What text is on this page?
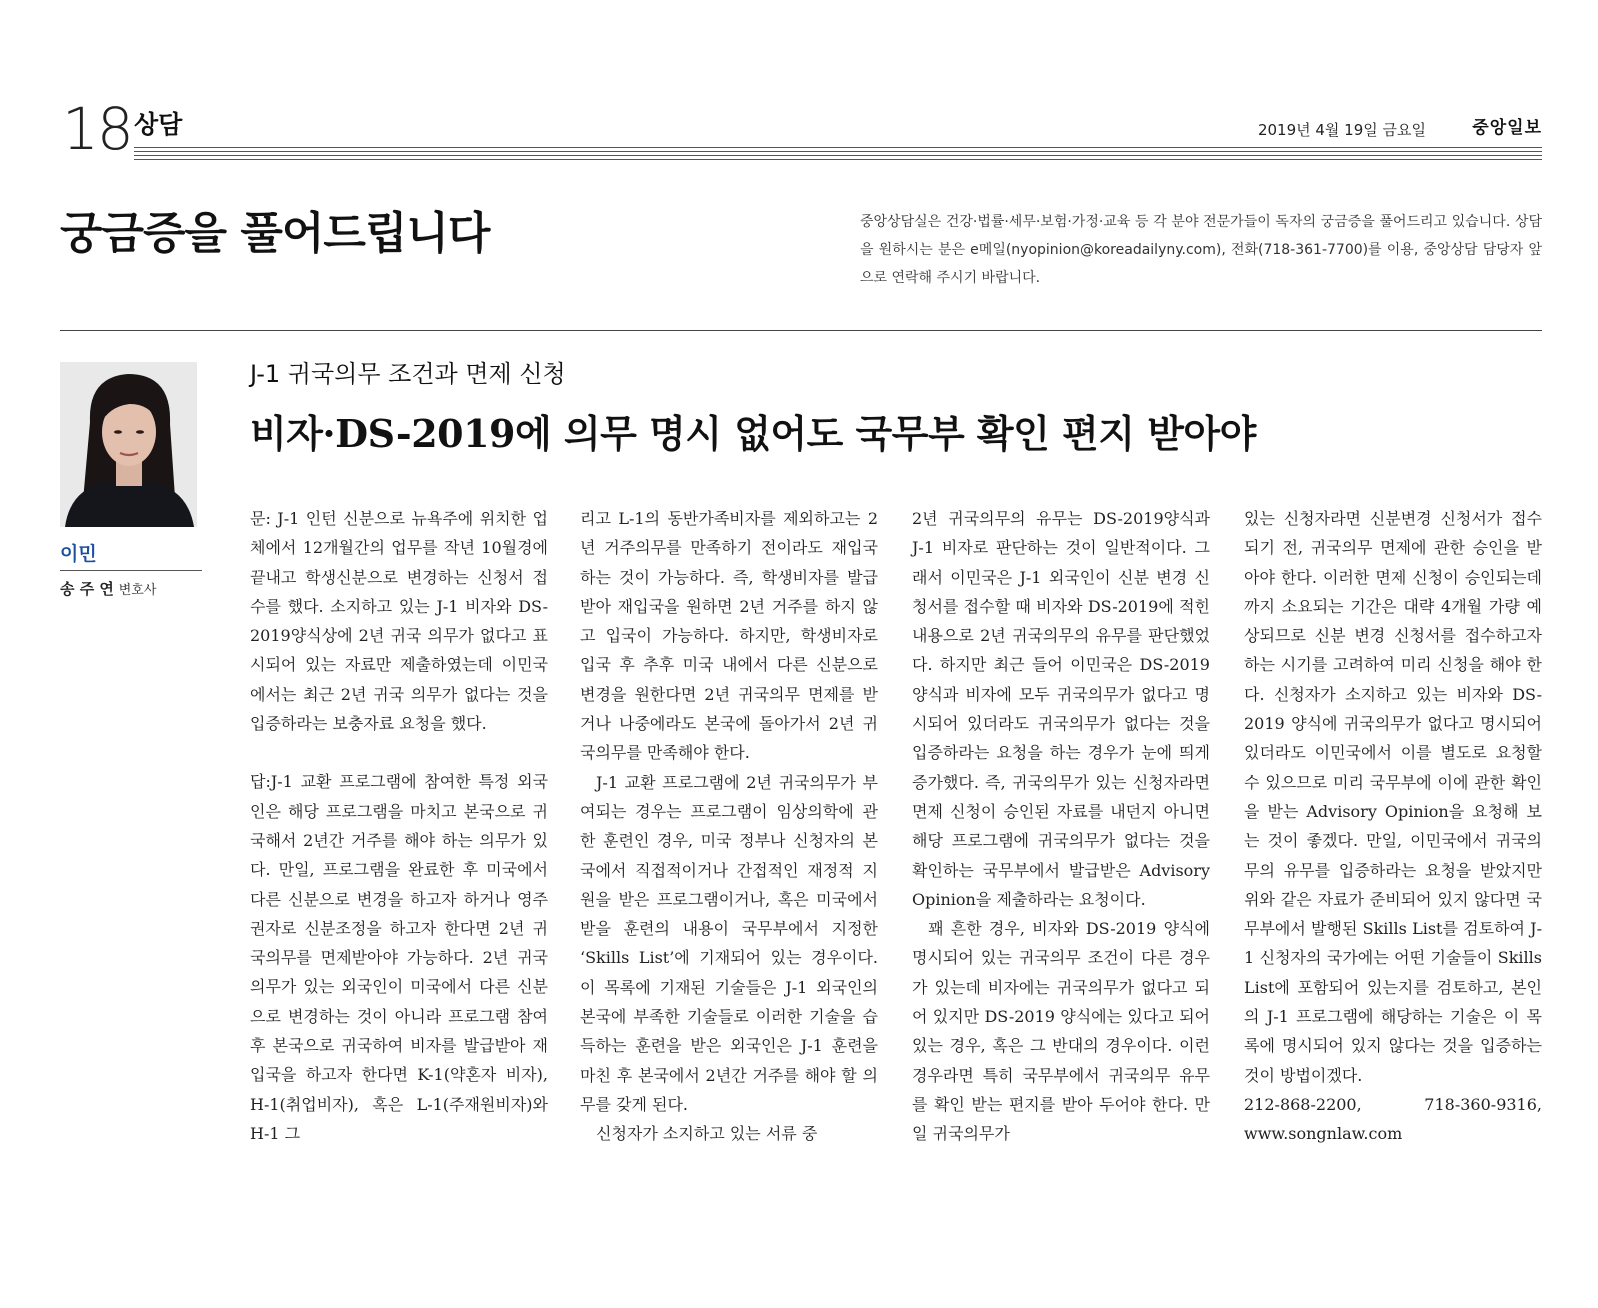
18 상담	2019년 4월 19일 금요일	중앙일보
궁금증을 풀어드립니다	중앙상담실은 건강·법률·세무·보험·가정·교육 등 각 분야 전문가들이 독자의 궁금증을 풀어드리고 있습니다. 상담을 원하시는 분은 e메일(nyopinion@koreadailyny.com), 전화(718-361-7700)를 이용, 중앙상담 담당자 앞으로 연락해 주시기 바랍니다.
이민
송 주 연 변호사
J-1 귀국의무 조건과 면제 신청
비자·DS-2019에 의무 명시 없어도 국무부 확인 편지 받아야

문: J-1 인턴 신분으로 뉴욕주에 위치한 업체에서 12개월간의 업무를 작년 10월경에 끝내고 학생신분으로 변경하는 신청서 접수를 했다. 소지하고 있는 J-1 비자와 DS-2019양식상에 2년 귀국 의무가 없다고 표시되어 있는 자료만 제출하였는데 이민국에서는 최근 2년 귀국 의무가 없다는 것을 입증하라는 보충자료 요청을 했다.

답:J-1 교환 프로그램에 참여한 특정 외국인은 해당 프로그램을 마치고 본국으로 귀국해서 2년간 거주를 해야 하는 의무가 있다. 만일, 프로그램을 완료한 후 미국에서 다른 신분으로 변경을 하고자 하거나 영주권자로 신분조정을 하고자 한다면 2년 귀국의무를 면제받아야 가능하다. 2년 귀국의무가 있는 외국인이 미국에서 다른 신분으로 변경하는 것이 아니라 프로그램 참여 후 본국으로 귀국하여 비자를 발급받아 재입국을 하고자 한다면 K-1(약혼자 비자), H-1(취업비자), 혹은 L-1(주재원비자)와 H-1 그

리고 L-1의 동반가족비자를 제외하고는 2년 거주의무를 만족하기 전이라도 재입국하는 것이 가능하다. 즉, 학생비자를 발급받아 재입국을 원하면 2년 거주를 하지 않고 입국이 가능하다. 하지만, 학생비자로 입국 후 추후 미국 내에서 다른 신분으로 변경을 원한다면 2년 귀국의무 면제를 받거나 나중에라도 본국에 돌아가서 2년 귀국의무를 만족해야 한다.

J-1 교환 프로그램에 2년 귀국의무가 부여되는 경우는 프로그램이 임상의학에 관한 훈련인 경우, 미국 정부나 신청자의 본국에서 직접적이거나 간접적인 재정적 지원을 받은 프로그램이거나, 혹은 미국에서 받을 훈련의 내용이 국무부에서 지정한 ‘Skills List’에 기재되어 있는 경우이다. 이 목록에 기재된 기술들은 J-1 외국인의 본국에 부족한 기술들로 이러한 기술을 습득하는 훈련을 받은 외국인은 J-1 훈련을 마친 후 본국에서 2년간 거주를 해야 할 의무를 갖게 된다.

신청자가 소지하고 있는 서류 중

2년 귀국의무의 유무는 DS-2019양식과 J-1 비자로 판단하는 것이 일반적이다. 그래서 이민국은 J-1 외국인이 신분 변경 신청서를 접수할 때 비자와 DS-2019에 적힌 내용으로 2년 귀국의무의 유무를 판단했었다. 하지만 최근 들어 이민국은 DS-2019 양식과 비자에 모두 귀국의무가 없다고 명시되어 있더라도 귀국의무가 없다는 것을 입증하라는 요청을 하는 경우가 눈에 띄게 증가했다. 즉, 귀국의무가 있는 신청자라면 면제 신청이 승인된 자료를 내던지 아니면 해당 프로그램에 귀국의무가 없다는 것을 확인하는 국무부에서 발급받은 Advisory Opinion을 제출하라는 요청이다.

꽤 흔한 경우, 비자와 DS-2019 양식에 명시되어 있는 귀국의무 조건이 다른 경우가 있는데 비자에는 귀국의무가 없다고 되어 있지만 DS-2019 양식에는 있다고 되어 있는 경우, 혹은 그 반대의 경우이다. 이런 경우라면 특히 국무부에서 귀국의무 유무를 확인 받는 편지를 받아 두어야 한다. 만일 귀국의무가

있는 신청자라면 신분변경 신청서가 접수되기 전, 귀국의무 면제에 관한 승인을 받아야 한다. 이러한 면제 신청이 승인되는데 까지 소요되는 기간은 대략 4개월 가량 예상되므로 신분 변경 신청서를 접수하고자 하는 시기를 고려하여 미리 신청을 해야 한다. 신청자가 소지하고 있는 비자와 DS-2019 양식에 귀국의무가 없다고 명시되어 있더라도 이민국에서 이를 별도로 요청할 수 있으므로 미리 국무부에 이에 관한 확인을 받는 Advisory Opinion을 요청해 보는 것이 좋겠다. 만일, 이민국에서 귀국의무의 유무를 입증하라는 요청을 받았지만 위와 같은 자료가 준비되어 있지 않다면 국무부에서 발행된 Skills List를 검토하여 J-1 신청자의 국가에는 어떤 기술들이 Skills List에 포함되어 있는지를 검토하고, 본인의 J-1 프로그램에 해당하는 기술은 이 목록에 명시되어 있지 않다는 것을 입증하는 것이 방법이겠다.

212-868-2200, 718-360-9316, www.songnlaw.com
